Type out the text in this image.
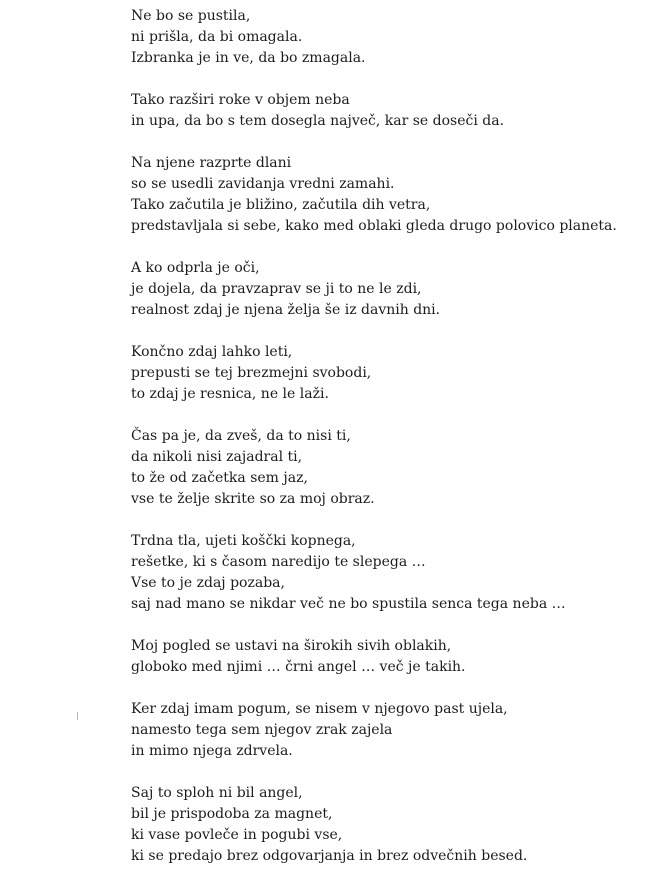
Ne bo se pustila,
ni prišla, da bi omagala.
Izbranka je in ve, da bo zmagala.

Tako razširi roke v objem neba
in upa, da bo s tem dosegla največ, kar se doseči da.

Na njene razprte dlani
so se usedli zavidanja vredni zamahi.
Tako začutila je bližino, začutila dih vetra,
predstavljala si sebe, kako med oblaki gleda drugo polovico planeta.

A ko odprla je oči,
je dojela, da pravzaprav se ji to ne le zdi,
realnost zdaj je njena želja še iz davnih dni.

Končno zdaj lahko leti,
prepusti se tej brezmejni svobodi,
to zdaj je resnica, ne le laži.

Čas pa je, da zveš, da to nisi ti,
da nikoli nisi zajadral ti,
to že od začetka sem jaz,
vse te želje skrite so za moj obraz.

Trdna tla, ujeti koščki kopnega,
rešetke, ki s časom naredijo te slepega …
Vse to je zdaj pozaba,
saj nad mano se nikdar več ne bo spustila senca tega neba …

Moj pogled se ustavi na širokih sivih oblakih,
globoko med njimi … črni angel … več je takih.

Ker zdaj imam pogum, se nisem v njegovo past ujela,
namesto tega sem njegov zrak zajela
in mimo njega zdrvela.

Saj to sploh ni bil angel,
bil je prispodoba za magnet,
ki vase povleče in pogubi vse,
ki se predajo brez odgovarjanja in brez odvečnih besed.
